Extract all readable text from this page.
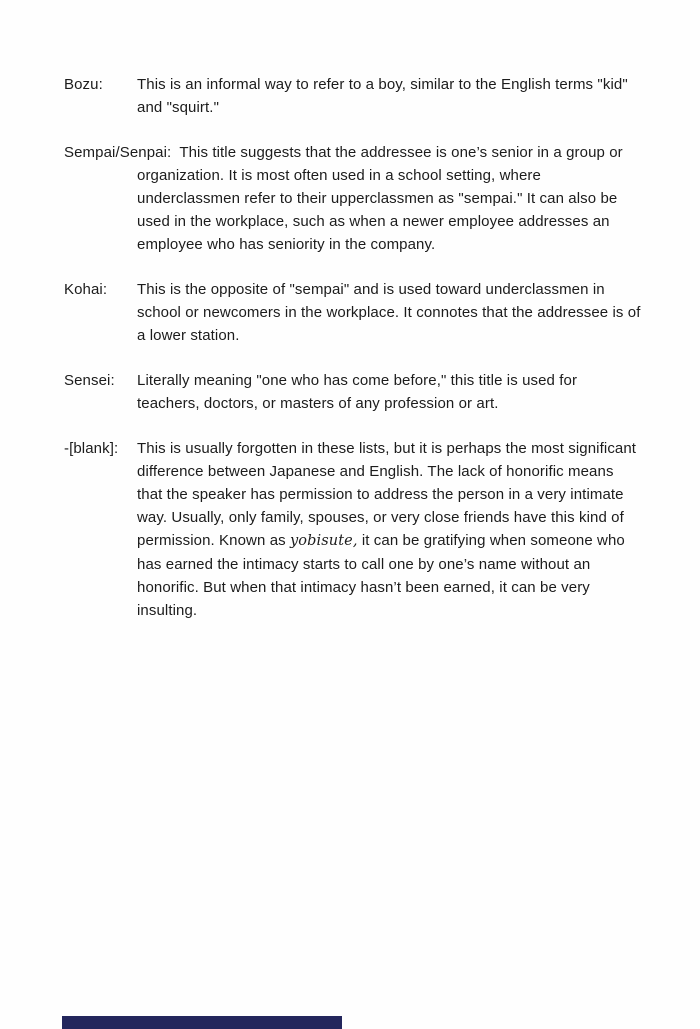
Bozu: This is an informal way to refer to a boy, similar to the English terms "kid" and "squirt."
Sempai/Senpai: This title suggests that the addressee is one’s senior in a group or organization. It is most often used in a school setting, where underclassmen refer to their upperclassmen as "sempai." It can also be used in the workplace, such as when a newer employee addresses an employee who has seniority in the company.
Kohai: This is the opposite of "sempai" and is used toward underclassmen in school or newcomers in the workplace. It connotes that the addressee is of a lower station.
Sensei: Literally meaning "one who has come before," this title is used for teachers, doctors, or masters of any profession or art.
-[blank]: This is usually forgotten in these lists, but it is perhaps the most significant difference between Japanese and English. The lack of honorific means that the speaker has permission to address the person in a very intimate way. Usually, only family, spouses, or very close friends have this kind of permission. Known as yobisute, it can be gratifying when someone who has earned the intimacy starts to call one by one’s name without an honorific. But when that intimacy hasn’t been earned, it can be very insulting.
